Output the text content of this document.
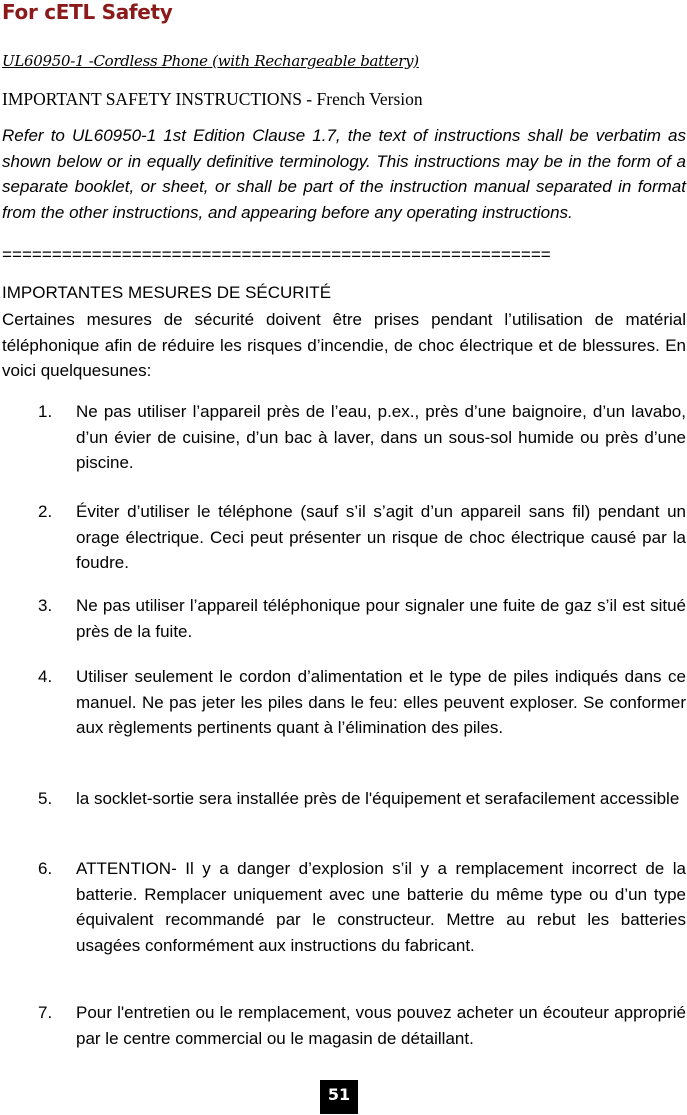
For cETL Safety
UL60950-1 -Cordless Phone (with Rechargeable battery)
IMPORTANT SAFETY INSTRUCTIONS - French Version

Refer to UL60950-1 1st Edition Clause 1.7, the text of instructions shall be verbatim as shown below or in equally definitive terminology. This instructions may be in the form of a separate booklet, or sheet, or shall be part of the instruction manual separated in format from the other instructions, and appearing before any operating instructions.

=======================================================
IMPORTANTES MESURES DE SÉCURITÉ

Certaines mesures de sécurité doivent être prises pendant l’utilisation de matérial téléphonique afin de réduire les risques d’incendie, de choc électrique et de blessures. En voici quelquesunes:

1.	Ne pas utiliser l’appareil près de l’eau, p.ex., près d’une baignoire, d’un lavabo, d’un évier de cuisine, d’un bac à laver, dans un sous-sol humide ou près d’une piscine.

2.	Éviter d’utiliser le téléphone (sauf s’il s’agit d’un appareil sans fil) pendant un orage électrique. Ceci peut présenter un risque de choc électrique causé par la foudre.

3.	Ne pas utiliser l’appareil téléphonique pour signaler une fuite de gaz s’il est situé près de la fuite.

4.	Utiliser seulement le cordon d’alimentation et le type de piles indiqués dans ce manuel. Ne pas jeter les piles dans le feu: elles peuvent exploser. Se conformer aux règlements pertinents quant à l’élimination des piles.

5.	la socklet-sortie sera installée près de l'équipement et serafacilement accessible

6.	ATTENTION- Il y a danger d’explosion s’il y a remplacement incorrect de la batterie. Remplacer uniquement avec une batterie du même type ou d’un type équivalent recommandé par le constructeur. Mettre au rebut les batteries usagées conformément aux instructions du fabricant.

7.	Pour l'entretien ou le remplacement, vous pouvez acheter un écouteur approprié par le centre commercial ou le magasin de détaillant.

51
